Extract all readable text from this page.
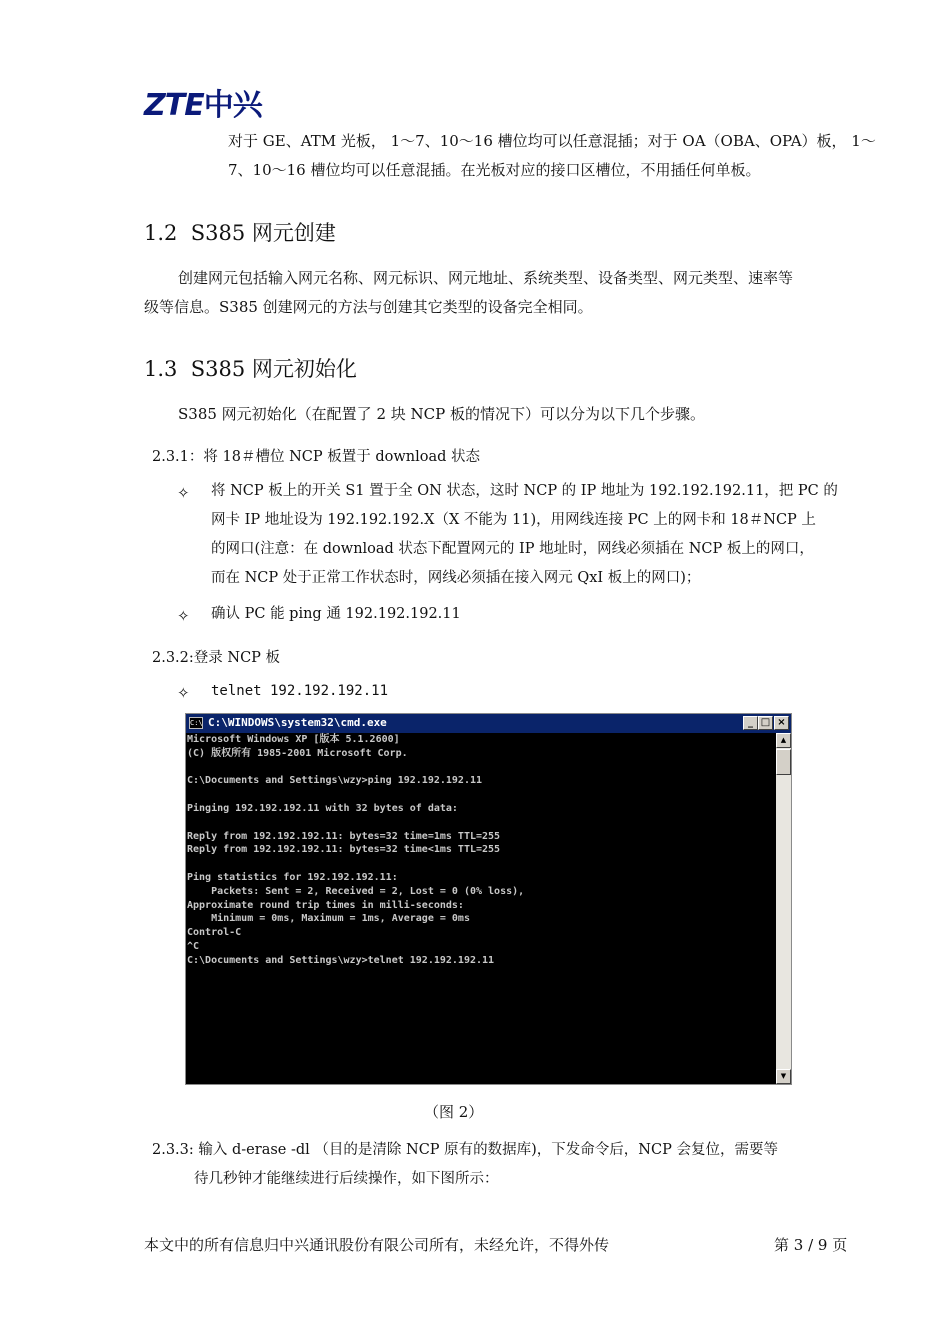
ZTE中兴
对于 GE、ATM 光板， 1～7、10～16 槽位均可以任意混插；对于 OA（OBA、OPA）板， 1～
7、10～16 槽位均可以任意混插。在光板对应的接口区槽位，不用插任何单板。
1.2 S385 网元创建
创建网元包括输入网元名称、网元标识、网元地址、系统类型、设备类型、网元类型、速率等
级等信息。S385 创建网元的方法与创建其它类型的设备完全相同。
1.3 S385 网元初始化
S385 网元初始化（在配置了 2 块 NCP 板的情况下）可以分为以下几个步骤。
2.3.1：将 18＃槽位 NCP 板置于 download 状态
✧ 将 NCP 板上的开关 S1 置于全 ON 状态，这时 NCP 的 IP 地址为 192.192.192.11，把 PC 的
网卡 IP 地址设为 192.192.192.X（X 不能为 11)，用网线连接 PC 上的网卡和 18＃NCP 上
的网口(注意：在 download 状态下配置网元的 IP 地址时，网线必须插在 NCP 板上的网口，
而在 NCP 处于正常工作状态时，网线必须插在接入网元 QxI 板上的网口)；
✧ 确认 PC 能 ping 通 192.192.192.11
2.3.2:登录 NCP 板
✧ telnet 192.192.192.11
C:\ C:\WINDOWS\system32\cmd.exe	_ □ ×
Microsoft Windows XP [版本 5.1.2600]
(C) 版权所有 1985-2001 Microsoft Corp.

C:\Documents and Settings\wzy>ping 192.192.192.11

Pinging 192.192.192.11 with 32 bytes of data:

Reply from 192.192.192.11: bytes=32 time=1ms TTL=255
Reply from 192.192.192.11: bytes=32 time<1ms TTL=255

Ping statistics for 192.192.192.11:
Packets: Sent = 2, Received = 2, Lost = 0 (0% loss),
Approximate round trip times in milli-seconds:
Minimum = 0ms, Maximum = 1ms, Average = 0ms
Control-C
^C
C:\Documents and Settings\wzy>telnet 192.192.192.11
▲
▼
（图 2）
2.3.3: 输入 d-erase -dl （目的是清除 NCP 原有的数据库)，下发命令后，NCP 会复位，需要等
待几秒钟才能继续进行后续操作，如下图所示：
本文中的所有信息归中兴通讯股份有限公司所有，未经允许，不得外传	第 3 / 9 页
